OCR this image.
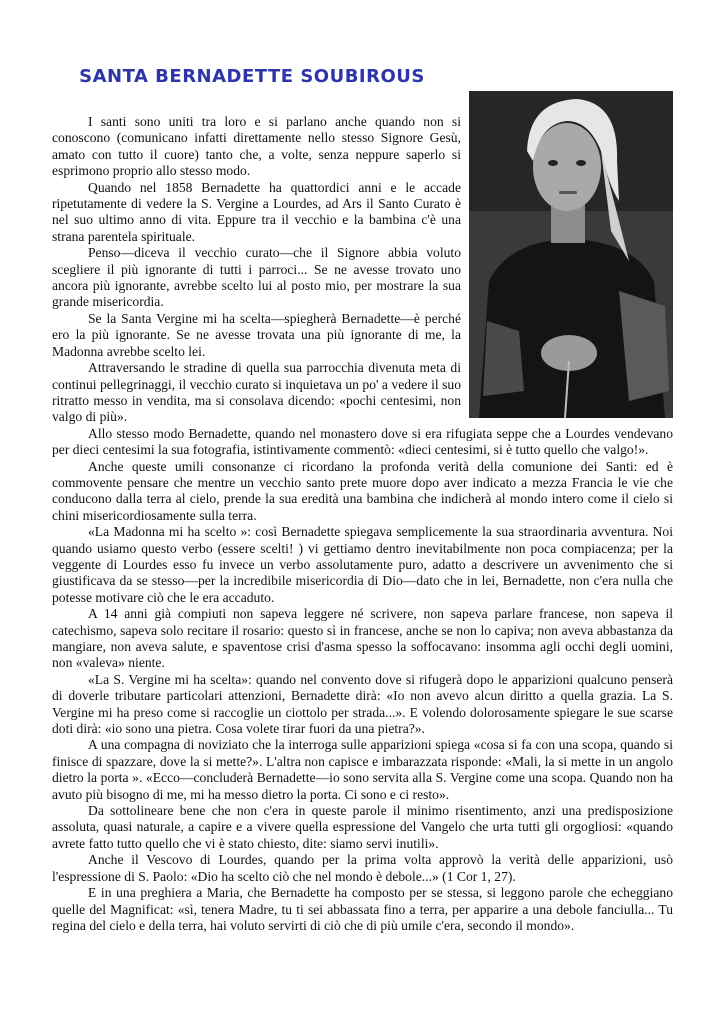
SANTA BERNADETTE SOUBIROUS

I santi sono uniti tra loro e si parlano anche quando non si conoscono (comunicano infatti direttamente nello stesso Signore Gesù, amato con tutto il cuore) tanto che, a volte, senza neppure saperlo si esprimono proprio allo stesso modo.

Quando nel 1858 Bernadette ha quattordici anni e le accade ripetutamente di vedere la S. Vergine a Lourdes, ad Ars il Santo Curato è nel suo ultimo anno di vita. Eppure tra il vecchio e la bambina c'è una strana parentela spirituale.

Penso—diceva il vecchio curato—che il Signore abbia voluto scegliere il più ignorante di tutti i parroci... Se ne avesse trovato uno ancora più ignorante, avrebbe scelto lui al posto mio, per mostrare la sua grande misericordia.

Se la Santa Vergine mi ha scelta—spiegherà Bernadette—è perché ero la più ignorante. Se ne avesse trovata una più ignorante di me, la Madonna avrebbe scelto lei.

Attraversando le stradine di quella sua parrocchia divenuta meta di continui pellegrinaggi, il vecchio curato si inquietava un po' a vedere il suo ritratto messo in vendita, ma si consolava dicendo: «pochi centesimi, non valgo di più».

Allo stesso modo Bernadette, quando nel monastero dove si era rifugiata seppe che a Lourdes vendevano per dieci centesimi la sua fotografia, istintivamente commentò: «dieci centesimi, si è tutto quello che valgo!».

Anche queste umili consonanze ci ricordano la profonda verità della comunione dei Santi: ed è commovente pensare che mentre un vecchio santo prete muore dopo aver indicato a mezza Francia le vie che conducono dalla terra al cielo, prende la sua eredità una bambina che indicherà al mondo intero come il cielo si chini misericordiosamente sulla terra.

«La Madonna mi ha scelto »: così Bernadette spiegava semplicemente la sua straordinaria avventura. Noi quando usiamo questo verbo (essere scelti! ) vi gettiamo dentro inevitabilmente non poca compiacenza; per la veggente di Lourdes esso fu invece un verbo assolutamente puro, adatto a descrivere un avvenimento che si giustificava da se stesso—per la incredibile misericordia di Dio—dato che in lei, Bernadette, non c'era nulla che potesse motivare ciò che le era accaduto.

A 14 anni già compiuti non sapeva leggere né scrivere, non sapeva parlare francese, non sapeva il catechismo, sapeva solo recitare il rosario: questo sì in francese, anche se non lo capiva; non aveva abbastanza da mangiare, non aveva salute, e spaventose crisi d'asma spesso la soffocavano: insomma agli occhi degli uomini, non «valeva» niente.

«La S. Vergine mi ha scelta»: quando nel convento dove si rifugerà dopo le apparizioni qualcuno penserà di doverle tributare particolari attenzioni, Bernadette dirà: «Io non avevo alcun diritto a quella grazia. La S. Vergine mi ha preso come si raccoglie un ciottolo per strada...». E volendo dolorosamente spiegare le sue scarse doti dirà: «io sono una pietra. Cosa volete tirar fuori da una pietra?».

A una compagna di noviziato che la interroga sulle apparizioni spiega «cosa si fa con una scopa, quando si finisce di spazzare, dove la si mette?». L'altra non capisce e imbarazzata risponde: «Mali, la si mette in un angolo dietro la porta ». «Ecco—concluderà Bernadette—io sono servita alla S. Vergine come una scopa. Quando non ha avuto più bisogno di me, mi ha messo dietro la porta. Ci sono e ci resto».

Da sottolineare bene che non c'era in queste parole il minimo risentimento, anzi una predisposizione assoluta, quasi naturale, a capire e a vivere quella espressione del Vangelo che urta tutti gli orgogliosi: «quando avrete fatto tutto quello che vi è stato chiesto, dite: siamo servi inutili».

Anche il Vescovo di Lourdes, quando per la prima volta approvò la verità delle apparizioni, usò l'espressione di S. Paolo: «Dio ha scelto ciò che nel mondo è debole...» (1 Cor 1, 27).

E in una preghiera a Maria, che Bernadette ha composto per se stessa, si leggono parole che echeggiano quelle del Magnificat: «sì, tenera Madre, tu ti sei abbassata fino a terra, per apparire a una debole fanciulla... Tu regina del cielo e della terra, hai voluto servirti di ciò che di più umile c'era, secondo il mondo».
